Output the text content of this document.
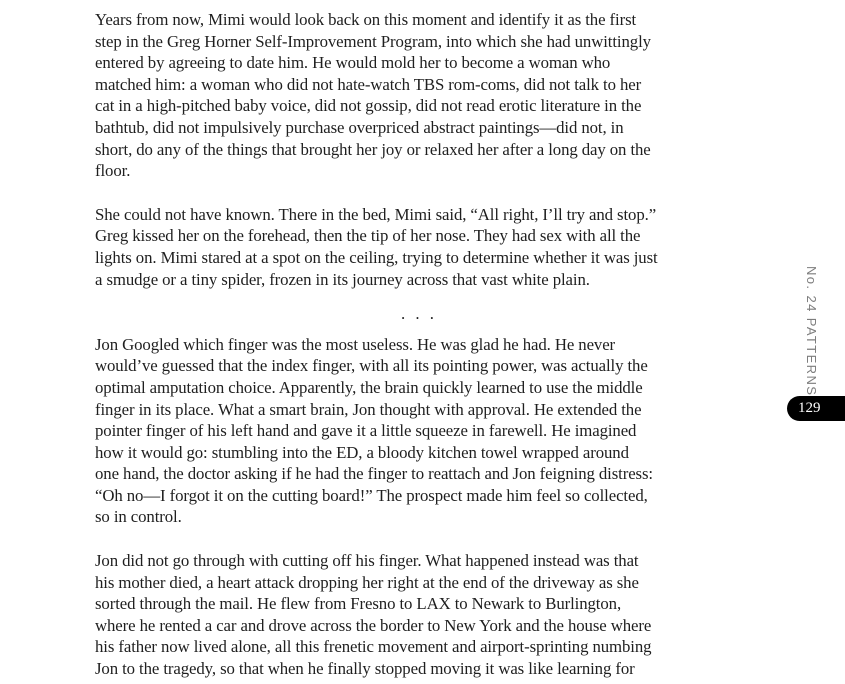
Years from now, Mimi would look back on this moment and identify it as the first
step in the Greg Horner Self-Improvement Program, into which she had unwittingly
entered by agreeing to date him. He would mold her to become a woman who
matched him: a woman who did not hate-watch TBS rom-coms, did not talk to her
cat in a high-pitched baby voice, did not gossip, did not read erotic literature in the
bathtub, did not impulsively purchase overpriced abstract paintings—did not, in
short, do any of the things that brought her joy or relaxed her after a long day on the
floor.
She could not have known. There in the bed, Mimi said, “All right, I’ll try and stop.”
Greg kissed her on the forehead, then the tip of her nose. They had sex with all the
lights on. Mimi stared at a spot on the ceiling, trying to determine whether it was just
a smudge or a tiny spider, frozen in its journey across that vast white plain.
. . .
Jon Googled which finger was the most useless. He was glad he had. He never
would’ve guessed that the index finger, with all its pointing power, was actually the
optimal amputation choice. Apparently, the brain quickly learned to use the middle
finger in its place. What a smart brain, Jon thought with approval. He extended the
pointer finger of his left hand and gave it a little squeeze in farewell. He imagined
how it would go: stumbling into the ED, a bloody kitchen towel wrapped around
one hand, the doctor asking if he had the finger to reattach and Jon feigning distress:
“Oh no—I forgot it on the cutting board!” The prospect made him feel so collected,
so in control.
Jon did not go through with cutting off his finger. What happened instead was that
his mother died, a heart attack dropping her right at the end of the driveway as she
sorted through the mail. He flew from Fresno to LAX to Newark to Burlington,
where he rented a car and drove across the border to New York and the house where
his father now lived alone, all this frenetic movement and airport-sprinting numbing
Jon to the tragedy, so that when he finally stopped moving it was like learning for
No. 24 PATTERNS
129
